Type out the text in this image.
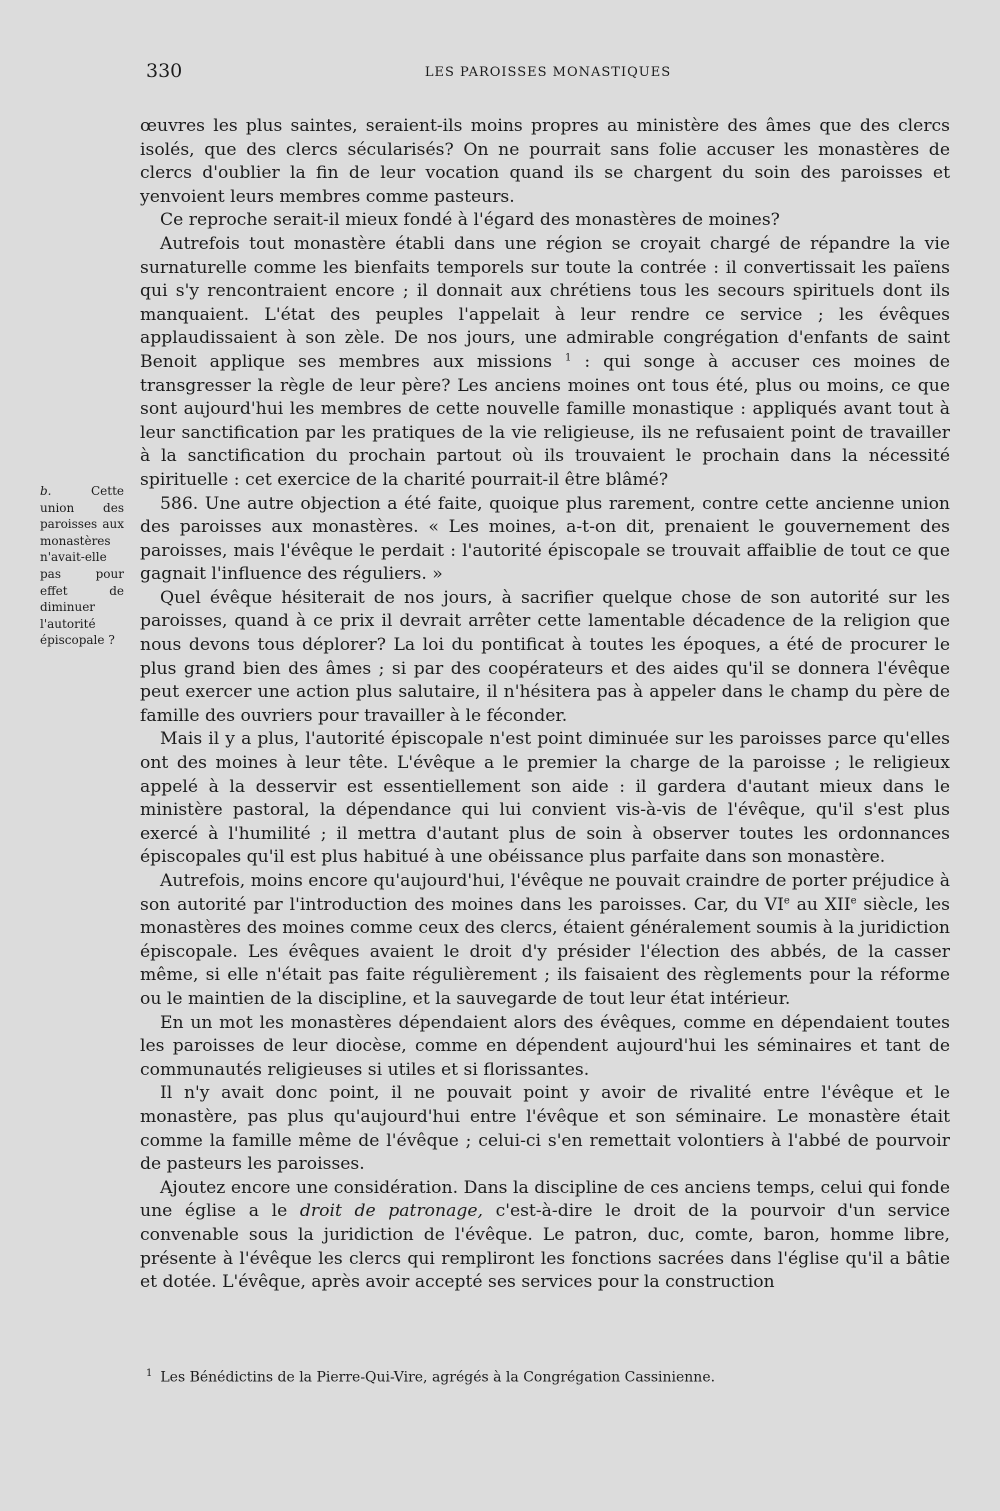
330	LES PAROISSES MONASTIQUES
b.	Cette union des paroisses aux monastères n'avait-elle pas pour effet de diminuer l'autorité épiscopale ?

œuvres les plus saintes, seraient-ils moins propres au ministère des âmes que des clercs isolés, que des clercs sécularisés? On ne pourrait sans folie accuser les monastères de clercs d'oublier la fin de leur vocation quand ils se chargent du soin des paroisses et yenvoient leurs membres comme pasteurs.

Ce reproche serait-il mieux fondé à l'égard des monastères de moines?

Autrefois tout monastère établi dans une région se croyait chargé de répandre la vie surnaturelle comme les bienfaits temporels sur toute la contrée : il convertissait les païens qui s'y rencontraient encore ; il donnait aux chrétiens tous les secours spirituels dont ils manquaient. L'état des peuples l'appelait à leur rendre ce service ; les évêques applaudissaient à son zèle. De nos jours, une admirable congrégation d'enfants de saint Benoit applique ses membres aux missions $^1$ : qui songe à accuser ces moines de transgresser la règle de leur père? Les anciens moines ont tous été, plus ou moins, ce que sont aujourd'hui les membres de cette nouvelle famille monastique : appliqués avant tout à leur sanctification par les pratiques de la vie religieuse, ils ne refusaient point de travailler à la sanctification du prochain partout où ils trouvaient le prochain dans la nécessité spirituelle : cet exercice de la charité pourrait-il être blâmé?

586. Une autre objection a été faite, quoique plus rarement, contre cette ancienne union des paroisses aux monastères. « Les moines, a-t-on dit, prenaient le gouvernement des paroisses, mais l'évêque le perdait : l'autorité épiscopale se trouvait affaiblie de tout ce que gagnait l'influence des réguliers. »

Quel évêque hésiterait de nos jours, à sacrifier quelque chose de son autorité sur les paroisses, quand à ce prix il devrait arrêter cette lamentable décadence de la religion que nous devons tous déplorer? La loi du pontificat à toutes les époques, a été de procurer le plus grand bien des âmes ; si par des coopérateurs et des aides qu'il se donnera l'évêque peut exercer une action plus salutaire, il n'hésitera pas à appeler dans le champ du père de famille des ouvriers pour travailler à le féconder.

Mais il y a plus, l'autorité épiscopale n'est point diminuée sur les paroisses parce qu'elles ont des moines à leur tête. L'évêque a le premier la charge de la paroisse ; le religieux appelé à la desservir est essentiellement son aide : il gardera d'autant mieux dans le ministère pastoral, la dépendance qui lui convient vis-à-vis de l'évêque, qu'il s'est plus exercé à l'humilité ; il mettra d'autant plus de soin à observer toutes les ordonnances épiscopales qu'il est plus habitué à une obéissance plus parfaite dans son monastère.

Autrefois, moins encore qu'aujourd'hui, l'évêque ne pouvait craindre de porter préjudice à son autorité par l'introduction des moines dans les paroisses. Car, du VIe au XIIe siècle, les monastères des moines comme ceux des clercs, étaient généralement soumis à la juridiction épiscopale. Les évêques avaient le droit d'y présider l'élection des abbés, de la casser même, si elle n'était pas faite régulièrement ; ils faisaient des règlements pour la réforme ou le maintien de la discipline, et la sauvegarde de tout leur état intérieur.

En un mot les monastères dépendaient alors des évêques, comme en dépendaient toutes les paroisses de leur diocèse, comme en dépendent aujourd'hui les séminaires et tant de communautés religieuses si utiles et si florissantes.

Il n'y avait donc point, il ne pouvait point y avoir de rivalité entre l'évêque et le monastère, pas plus qu'aujourd'hui entre l'évêque et son séminaire. Le monastère était comme la famille même de l'évêque ; celui-ci s'en remettait volontiers à l'abbé de pourvoir de pasteurs les paroisses.

Ajoutez encore une considération. Dans la discipline de ces anciens temps, celui qui fonde une église a le droit de patronage, c'est-à-dire le droit de la pourvoir d'un service convenable sous la juridiction de l'évêque. Le patron, duc, comte, baron, homme libre, présente à l'évêque les clercs qui rempliront les fonctions sacrées dans l'église qu'il a bâtie et dotée. L'évêque, après avoir accepté ses services pour la construction

$^1$ Les Bénédictins de la Pierre-Qui-Vire, agrégés à la Congrégation Cassinienne.
